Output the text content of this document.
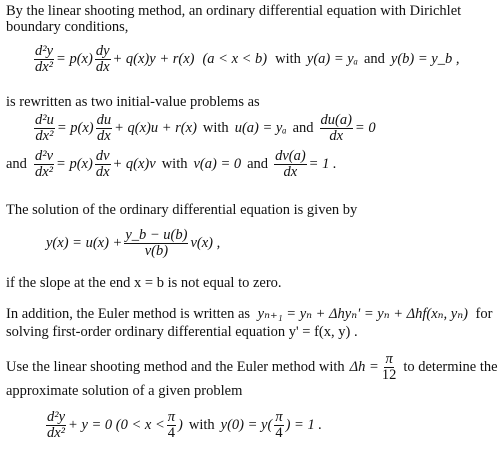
By the linear shooting method, an ordinary differential equation with Dirichlet
boundary conditions,
$\frac{\text{d²y}}{\text{dx²}} = p(x) \frac{dy}{dx} + q(x)y + r(x) (a < x < b)$ with y(a) = yₐ and y(b) = y_b ,
is rewritten as two initial-value problems as
$\frac{\text{d²u}}{\text{dx²}} = p(x) \frac{du}{dx} + q(x)u + r(x)$ with u(a) = yₐ and $\frac{du(a)}{dx} = 0$
and $\frac{\text{d²v}}{\text{dx²}} = p(x) \frac{dv}{dx} + q(x)v$ with v(a) = 0 and $\frac{dv(a)}{dx} = 1$ .
The solution of the ordinary differential equation is given by
$y(x) = u(x) + \frac{y\_b - u(b)}{v(b)} v(x)$ ,
if the slope at the end x = b is not equal to zero.
In addition, the Euler method is written as yₙ₊₁ = yₙ + Δhyₙ' = yₙ + Δhf(xₙ, yₙ) for
solving first-order ordinary differential equation y' = f(x, y) .
Use the linear shooting method and the Euler method with $\Delta h = \frac{\pi}{12}$ to determine the
approximate solution of a given problem
$\frac{\text{d²y}}{\text{dx²}} + y = 0$ ($0 < x < \frac{\pi}{4}$ ) with $y(0) = y( \frac{\pi}{4}$ ) = 1 .
